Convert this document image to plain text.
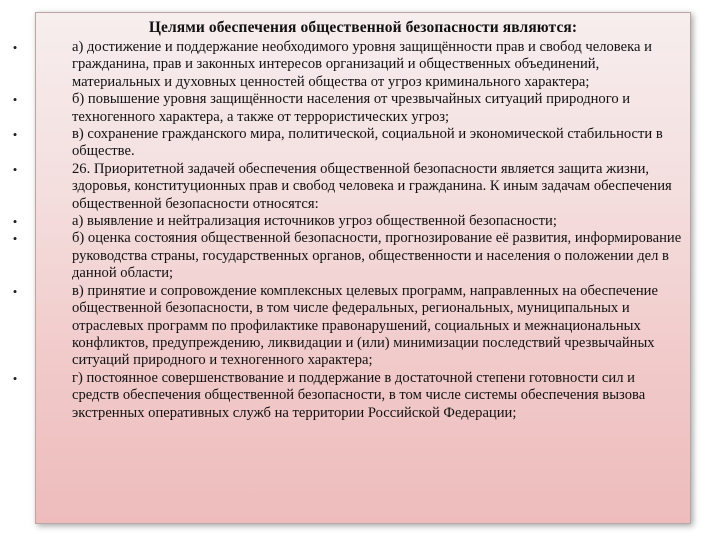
Целями обеспечения общественной безопасности являются:
•	а) достижение и поддержание необходимого уровня защищённости прав и свобод человека и гражданина, прав и законных интересов организаций и общественных объединений, материальных и духовных ценностей общества от угроз криминального характера;
•	б) повышение уровня защищённости населения от чрезвычайных ситуаций природного и техногенного характера, а также от террористических угроз;
•	в) сохранение гражданского мира, политической, социальной и экономической стабильности в обществе.
•	26. Приоритетной задачей обеспечения общественной безопасности является защита жизни, здоровья, конституционных прав и свобод человека и гражданина. К иным задачам обеспечения общественной безопасности относятся:
•	а) выявление и нейтрализация источников угроз общественной безопасности;
•	б) оценка состояния общественной безопасности, прогнозирование её развития, информирование руководства страны, государственных органов, общественности и населения о положении дел в данной области;
•	в) принятие и сопровождение комплексных целевых программ, направленных на обеспечение общественной безопасности, в том числе федеральных, региональных, муниципальных и отраслевых программ по профилактике правонарушений, социальных и межнациональных конфликтов, предупреждению, ликвидации и (или) минимизации последствий чрезвычайных ситуаций природного и техногенного характера;
•	г) постоянное совершенствование и поддержание в достаточной степени готовности сил и средств обеспечения общественной безопасности, в том числе системы обеспечения вызова экстренных оперативных служб на территории Российской Федерации;
